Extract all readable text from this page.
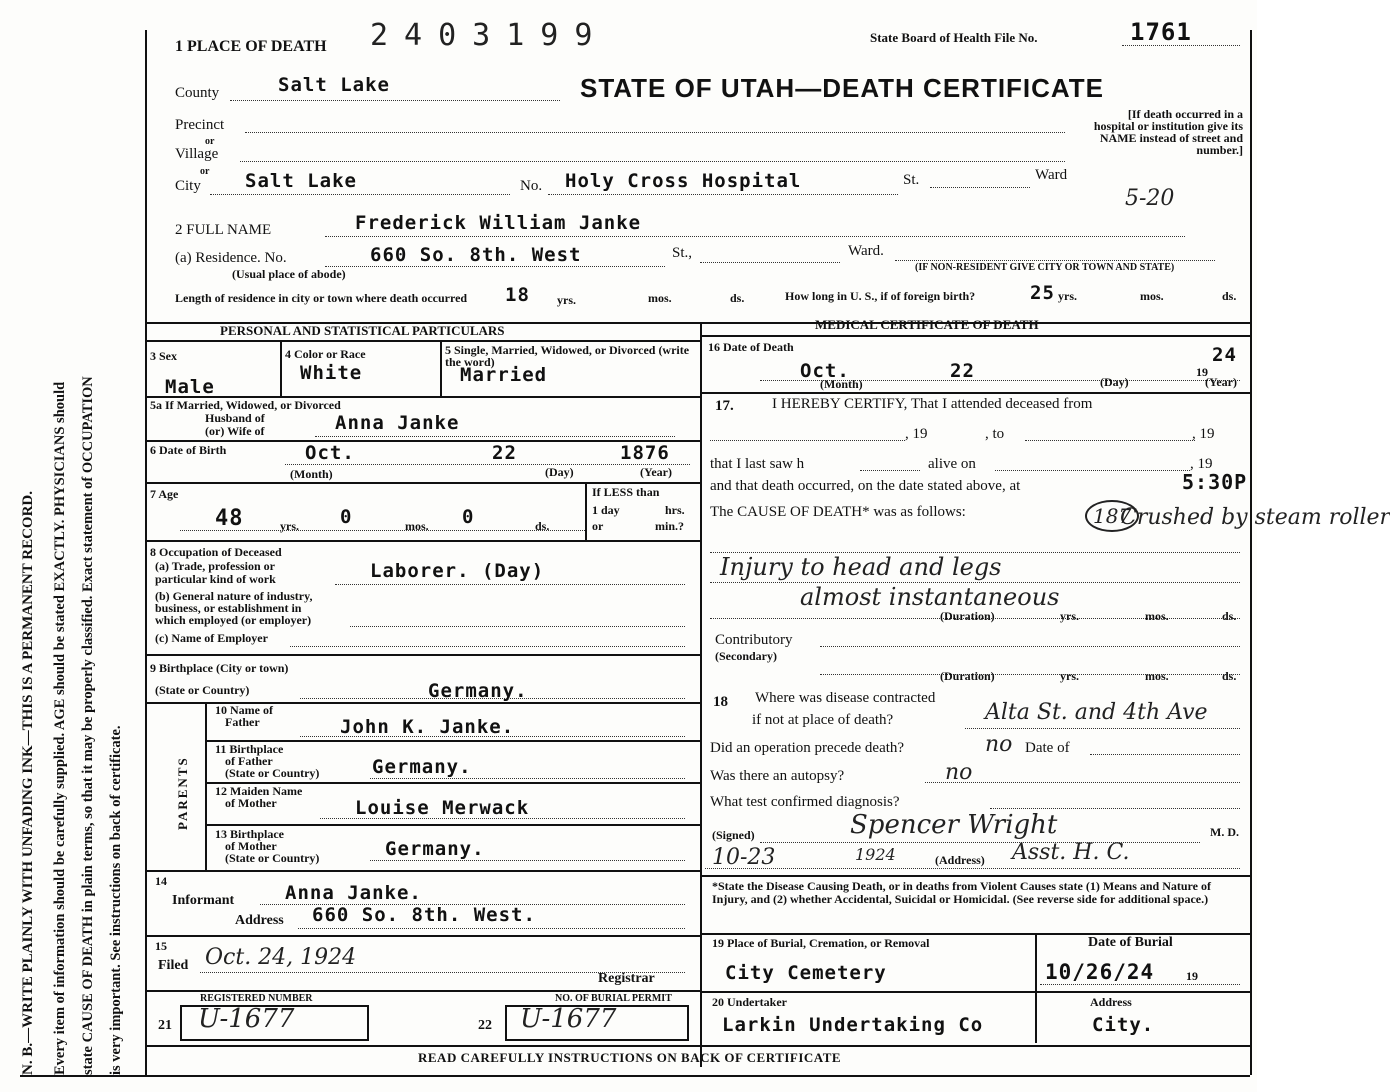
N. B.—WRITE PLAINLY WITH UNFADING INK—THIS IS A PERMANENT RECORD. Every item of information should be carefully supplied. AGE should be stated EXACTLY. PHYSICIANS should state CAUSE OF DEATH in plain terms, so that it may be properly classified. Exact statement of OCCUPATION is very important. See instructions on back of certificate.
1 PLACE OF DEATH 2403199	State Board of Health File No.	1761
STATE OF UTAH—DEATH CERTIFICATE
County	Salt Lake
Precinct
or
Village
or
City Salt Lake	No. Holy Cross Hospital	St.	Ward
[If death occurred in a hospital or institution give its NAME instead of street and number.]
5-20
2 FULL NAME	Frederick William Janke
(a) Residence. No.
(Usual place of abode)
660 So. 8th. West	St.,	Ward.
(IF NON-RESIDENT GIVE CITY OR TOWN AND STATE)
Length of residence in city or town where death occurred 18 yrs.	mos.	ds.	How long in U. S., if of foreign birth?	25 yrs.	mos.	ds.
PERSONAL AND STATISTICAL PARTICULARS
3 Sex
Male
4 Color or Race
White
5 Single, Married, Widowed, or Divorced (write the word)
Married
5a If Married, Widowed, or Divorced
Husband of
(or) Wife of	Anna Janke
6 Date of Birth	Oct.	22	1876
(Month)	(Day)	(Year)
7 Age
48	yrs. 0	mos. 0	ds.
If LESS than
1 day	hrs.
or	min.?
8 Occupation of Deceased
(a) Trade, profession or
particular kind of work	Laborer. (Day)
(b) General nature of industry,
business, or establishment in
which employed (or employer)
(c) Name of Employer
9 Birthplace (City or town)
(State or Country)	Germany.
PARENTS
10 Name of
Father	John K. Janke.
11 Birthplace
of Father
(State or Country)	Germany.
12 Maiden Name
of Mother	Louise Merwack
13 Birthplace
of Mother
(State or Country)	Germany.
14
Informant	Anna Janke.
Address 660 So. 8th. West.
15
Filed Oct. 24, 1924
Registrar
REGISTERED NUMBER
21 U-1677
NO. OF BURIAL PERMIT
22 U-1677
MEDICAL CERTIFICATE OF DEATH
16 Date of Death
Oct.	22	19
24
(Month)	(Day)	(Year)
17.	I HEREBY CERTIFY, That I attended deceased from
, 19	, to	, 19
that I last saw h	alive on	, 19
and that death occurred, on the date stated above, at	5:30P
The CAUSE OF DEATH* was as follows:	187
Crushed by steam roller
Injury to head and legs
almost instantaneous
(Duration)	yrs.	mos.	ds.
Contributory
(Secondary)
(Duration)	yrs.	mos.	ds.
18 Where was disease contracted
if not at place of death?	Alta St. and 4th Ave
Did an operation precede death?	no Date of
Was there an autopsy?	no
What test confirmed diagnosis?
(Signed)	Spencer Wright	M. D.
10-23	1924	(Address) Asst. H. C.
*State the Disease Causing Death, or in deaths from Violent Causes state (1) Means and Nature of Injury, and (2) whether Accidental, Suicidal or Homicidal. (See reverse side for additional space.)
19 Place of Burial, Cremation, or Removal
City Cemetery
Date of Burial
10/26/24	19
20 Undertaker
Larkin Undertaking Co
Address
City.
READ CAREFULLY INSTRUCTIONS ON BACK OF CERTIFICATE
